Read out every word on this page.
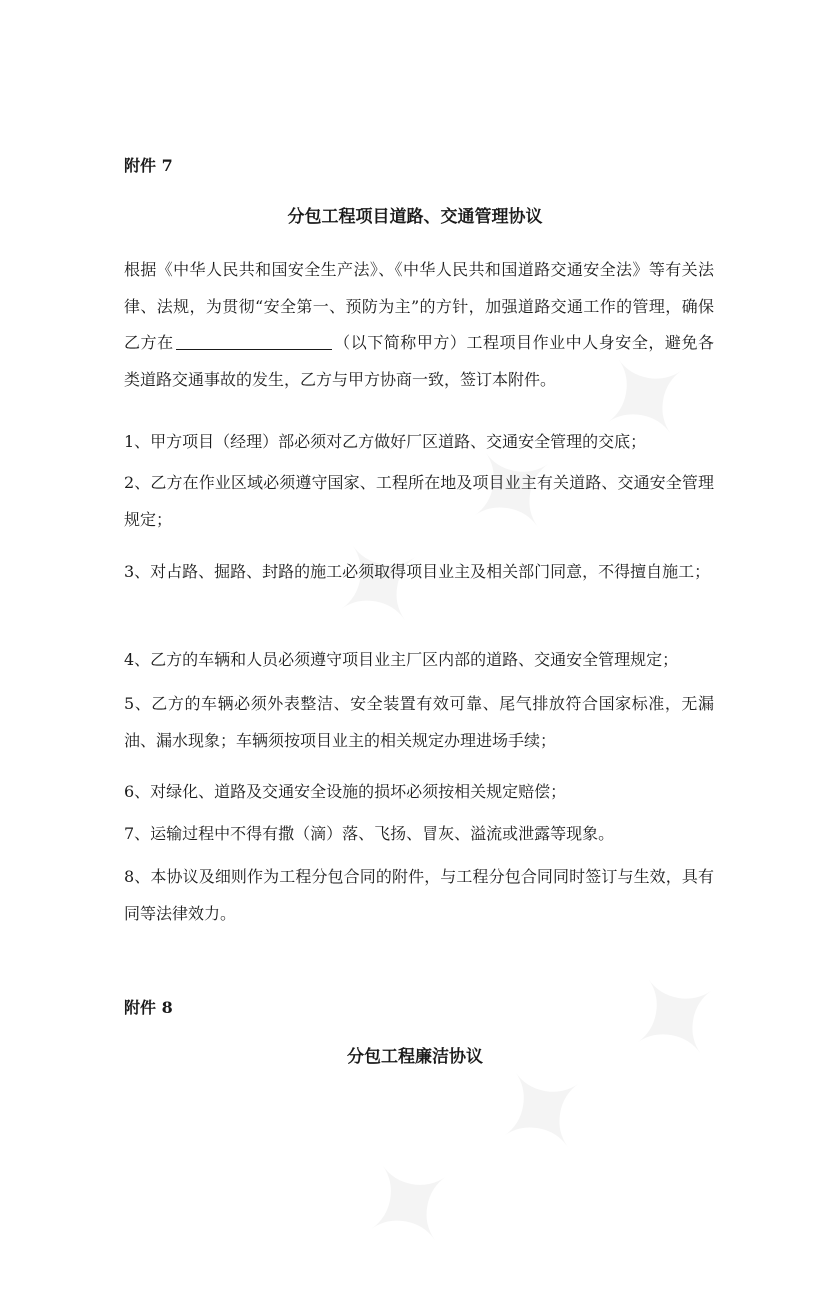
附件 7

分包工程项目道路、交通管理协议

根据《中华人民共和国安全生产法》、《中华人民共和国道路交通安全法》等有关法律、法规，为贯彻“安全第一、预防为主”的方针，加强道路交通工作的管理，确保乙方在	（以下简称甲方）工程项目作业中人身安全，避免各类道路交通事故的发生，乙方与甲方协商一致，签订本附件。

1、甲方项目（经理）部必须对乙方做好厂区道路、交通安全管理的交底；

2、乙方在作业区域必须遵守国家、工程所在地及项目业主有关道路、交通安全管理规定；

3、对占路、掘路、封路的施工必须取得项目业主及相关部门同意，不得擅自施工；

4、乙方的车辆和人员必须遵守项目业主厂区内部的道路、交通安全管理规定；

5、乙方的车辆必须外表整洁、安全装置有效可靠、尾气排放符合国家标准，无漏油、漏水现象；车辆须按项目业主的相关规定办理进场手续；

6、对绿化、道路及交通安全设施的损坏必须按相关规定赔偿；

7、运输过程中不得有撒（滴）落、飞扬、冒灰、溢流或泄露等现象。

8、本协议及细则作为工程分包合同的附件，与工程分包合同同时签订与生效，具有同等法律效力。

附件 8

分包工程廉洁协议
